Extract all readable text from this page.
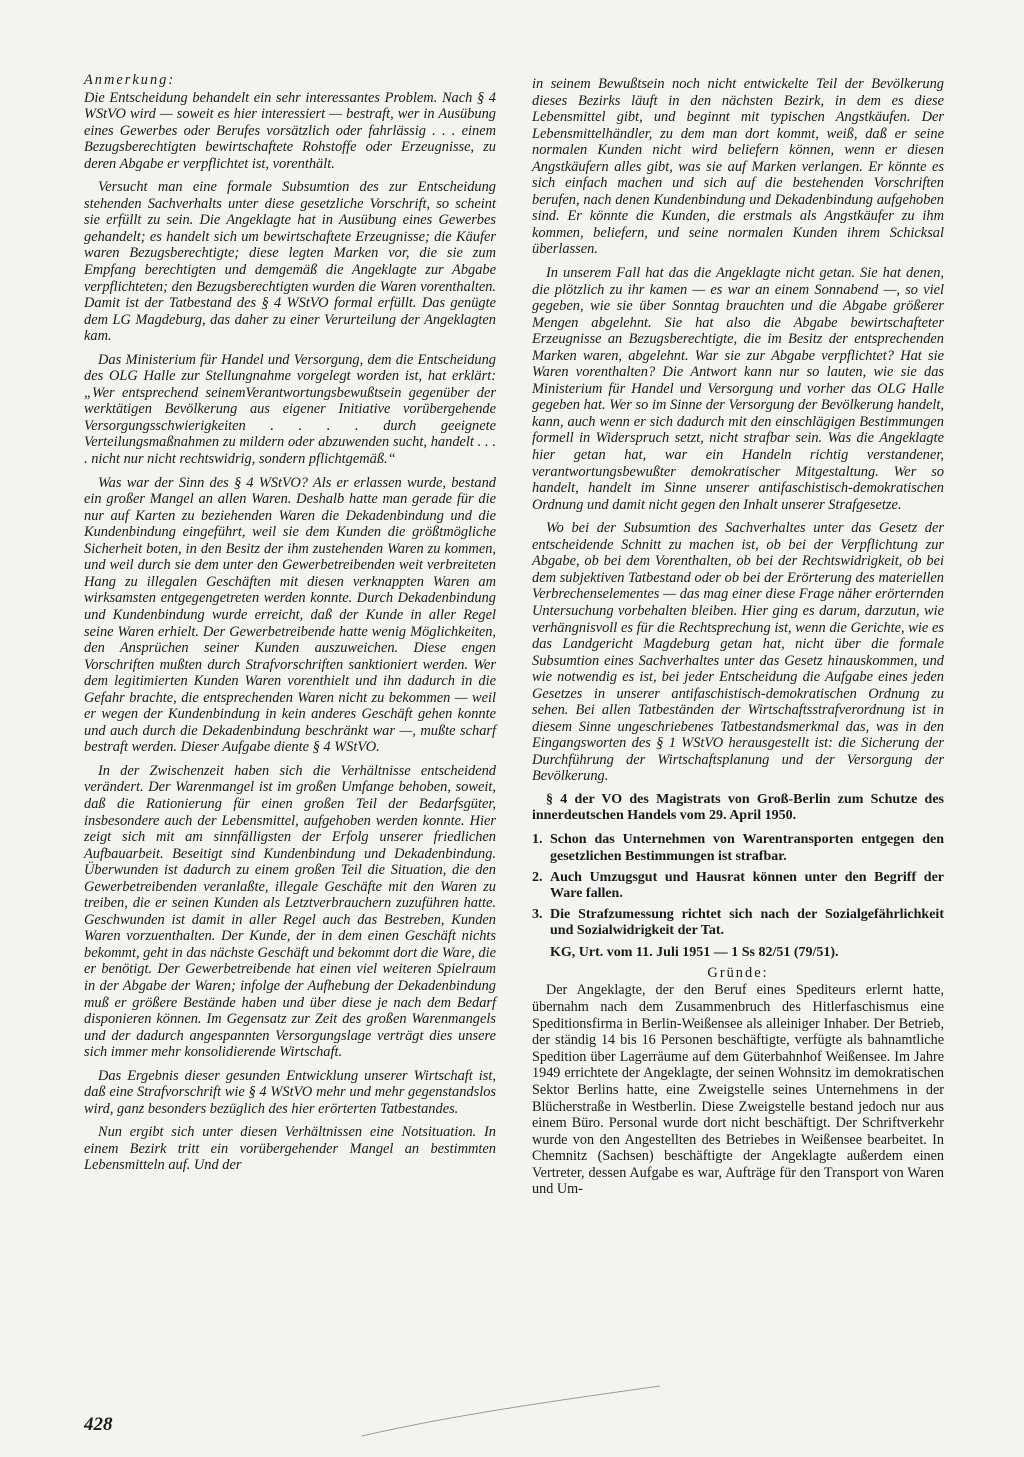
Anmerkung:

Die Entscheidung behandelt ein sehr interessantes Problem. Nach § 4 WStVO wird — soweit es hier interessiert — bestraft, wer in Ausübung eines Gewerbes oder Berufes vorsätzlich oder fahrlässig . . . einem Bezugsberechtigten bewirtschaftete Rohstoffe oder Erzeugnisse, zu deren Abgabe er verpflichtet ist, vorenthält.

Versucht man eine formale Subsumtion des zur Entscheidung stehenden Sachverhalts unter diese gesetzliche Vorschrift, so scheint sie erfüllt zu sein. Die Angeklagte hat in Ausübung eines Gewerbes gehandelt; es handelt sich um bewirtschaftete Erzeugnisse; die Käufer waren Bezugsberechtigte; diese legten Marken vor, die sie zum Empfang berechtigten und demgemäß die Angeklagte zur Abgabe verpflichteten; den Bezugsberechtigten wurden die Waren vorenthalten. Damit ist der Tatbestand des § 4 WStVO formal erfüllt. Das genügte dem LG Magdeburg, das daher zu einer Verurteilung der Angeklagten kam.

Das Ministerium für Handel und Versorgung, dem die Entscheidung des OLG Halle zur Stellungnahme vorgelegt worden ist, hat erklärt: „Wer entsprechend seinemVerantwortungsbewußtsein gegenüber der werktätigen Bevölkerung aus eigener Initiative vorübergehende Versorgungsschwierigkeiten . . . . durch geeignete Verteilungsmaßnahmen zu mildern oder abzuwenden sucht, handelt . . . . nicht nur nicht rechtswidrig, sondern pflichtgemäß.“

Was war der Sinn des § 4 WStVO? Als er erlassen wurde, bestand ein großer Mangel an allen Waren. Deshalb hatte man gerade für die nur auf Karten zu beziehenden Waren die Dekadenbindung und die Kundenbindung eingeführt, weil sie dem Kunden die größtmögliche Sicherheit boten, in den Besitz der ihm zustehenden Waren zu kommen, und weil durch sie dem unter den Gewerbetreibenden weit verbreiteten Hang zu illegalen Geschäften mit diesen verknappten Waren am wirksamsten entgegengetreten werden konnte. Durch Dekadenbindung und Kundenbindung wurde erreicht, daß der Kunde in aller Regel seine Waren erhielt. Der Gewerbetreibende hatte wenig Möglichkeiten, den Ansprüchen seiner Kunden auszuweichen. Diese engen Vorschriften mußten durch Strafvorschriften sanktioniert werden. Wer dem legitimierten Kunden Waren vorenthielt und ihn dadurch in die Gefahr brachte, die entsprechenden Waren nicht zu bekommen — weil er wegen der Kundenbindung in kein anderes Geschäft gehen konnte und auch durch die Dekadenbindung beschränkt war —, mußte scharf bestraft werden. Dieser Aufgabe diente § 4 WStVO.

In der Zwischenzeit haben sich die Verhältnisse entscheidend verändert. Der Warenmangel ist im großen Umfange behoben, soweit, daß die Rationierung für einen großen Teil der Bedarfsgüter, insbesondere auch der Lebensmittel, aufgehoben werden konnte. Hier zeigt sich mit am sinnfälligsten der Erfolg unserer friedlichen Aufbauarbeit. Beseitigt sind Kundenbindung und Dekadenbindung. Überwunden ist dadurch zu einem großen Teil die Situation, die den Gewerbetreibenden veranlaßte, illegale Geschäfte mit den Waren zu treiben, die er seinen Kunden als Letztverbrauchern zuzuführen hatte. Geschwunden ist damit in aller Regel auch das Bestreben, Kunden Waren vorzuenthalten. Der Kunde, der in dem einen Geschäft nichts bekommt, geht in das nächste Geschäft und bekommt dort die Ware, die er benötigt. Der Gewerbetreibende hat einen viel weiteren Spielraum in der Abgabe der Waren; infolge der Aufhebung der Dekadenbindung muß er größere Bestände haben und über diese je nach dem Bedarf disponieren können. Im Gegensatz zur Zeit des großen Warenmangels und der dadurch angespannten Versorgungslage verträgt dies unsere sich immer mehr konsolidierende Wirtschaft.

Das Ergebnis dieser gesunden Entwicklung unserer Wirtschaft ist, daß eine Strafvorschrift wie § 4 WStVO mehr und mehr gegenstandslos wird, ganz besonders bezüglich des hier erörterten Tatbestandes.

Nun ergibt sich unter diesen Verhältnissen eine Notsituation. In einem Bezirk tritt ein vorübergehender Mangel an bestimmten Lebensmitteln auf. Und der

in seinem Bewußtsein noch nicht entwickelte Teil der Bevölkerung dieses Bezirks läuft in den nächsten Bezirk, in dem es diese Lebensmittel gibt, und beginnt mit typischen Angstkäufen. Der Lebensmittelhändler, zu dem man dort kommt, weiß, daß er seine normalen Kunden nicht wird beliefern können, wenn er diesen Angstkäufern alles gibt, was sie auf Marken verlangen. Er könnte es sich einfach machen und sich auf die bestehenden Vorschriften berufen, nach denen Kundenbindung und Dekadenbindung aufgehoben sind. Er könnte die Kunden, die erstmals als Angstkäufer zu ihm kommen, beliefern, und seine normalen Kunden ihrem Schicksal überlassen.

In unserem Fall hat das die Angeklagte nicht getan. Sie hat denen, die plötzlich zu ihr kamen — es war an einem Sonnabend —, so viel gegeben, wie sie über Sonntag brauchten und die Abgabe größerer Mengen abgelehnt. Sie hat also die Abgabe bewirtschafteter Erzeugnisse an Bezugsberechtigte, die im Besitz der entsprechenden Marken waren, abgelehnt. War sie zur Abgabe verpflichtet? Hat sie Waren vorenthalten? Die Antwort kann nur so lauten, wie sie das Ministerium für Handel und Versorgung und vorher das OLG Halle gegeben hat. Wer so im Sinne der Versorgung der Bevölkerung handelt, kann, auch wenn er sich dadurch mit den einschlägigen Bestimmungen formell in Widerspruch setzt, nicht strafbar sein. Was die Angeklagte hier getan hat, war ein Handeln richtig verstandener, verantwortungsbewußter demokratischer Mitgestaltung. Wer so handelt, handelt im Sinne unserer antifaschistisch-demokratischen Ordnung und damit nicht gegen den Inhalt unserer Strafgesetze.

Wo bei der Subsumtion des Sachverhaltes unter das Gesetz der entscheidende Schnitt zu machen ist, ob bei der Verpflichtung zur Abgabe, ob bei dem Vorenthalten, ob bei der Rechtswidrigkeit, ob bei dem subjektiven Tatbestand oder ob bei der Erörterung des materiellen Verbrechenselementes — das mag einer diese Frage näher erörternden Untersuchung vorbehalten bleiben. Hier ging es darum, darzutun, wie verhängnisvoll es für die Rechtsprechung ist, wenn die Gerichte, wie es das Landgericht Magdeburg getan hat, nicht über die formale Subsumtion eines Sachverhaltes unter das Gesetz hinauskommen, und wie notwendig es ist, bei jeder Entscheidung die Aufgabe eines jeden Gesetzes in unserer antifaschistisch-demokratischen Ordnung zu sehen. Bei allen Tatbeständen der Wirtschaftsstrafverordnung ist in diesem Sinne ungeschriebenes Tatbestandsmerkmal das, was in den Eingangsworten des § 1 WStVO herausgestellt ist: die Sicherung der Durchführung der Wirtschaftsplanung und der Versorgung der Bevölkerung.

§ 4 der VO des Magistrats von Groß-Berlin zum Schutze des innerdeutschen Handels vom 29. April 1950.

1. Schon das Unternehmen von Warentransporten entgegen den gesetzlichen Bestimmungen ist strafbar.
2. Auch Umzugsgut und Hausrat können unter den Begriff der Ware fallen.
3. Die Strafzumessung richtet sich nach der Sozialgefährlichkeit und Sozialwidrigkeit der Tat.

KG, Urt. vom 11. Juli 1951 — 1 Ss 82/51 (79/51).

Gründe:

Der Angeklagte, der den Beruf eines Spediteurs erlernt hatte, übernahm nach dem Zusammenbruch des Hitlerfaschismus eine Speditionsfirma in Berlin-Weißensee als alleiniger Inhaber. Der Betrieb, der ständig 14 bis 16 Personen beschäftigte, verfügte als bahnamtliche Spedition über Lagerräume auf dem Güterbahnhof Weißensee. Im Jahre 1949 errichtete der Angeklagte, der seinen Wohnsitz im demokratischen Sektor Berlins hatte, eine Zweigstelle seines Unternehmens in der Blücherstraße in Westberlin. Diese Zweigstelle bestand jedoch nur aus einem Büro. Personal wurde dort nicht beschäftigt. Der Schriftverkehr wurde von den Angestellten des Betriebes in Weißensee bearbeitet. In Chemnitz (Sachsen) beschäftigte der Angeklagte außerdem einen Vertreter, dessen Aufgabe es war, Aufträge für den Transport von Waren und Um-

428
